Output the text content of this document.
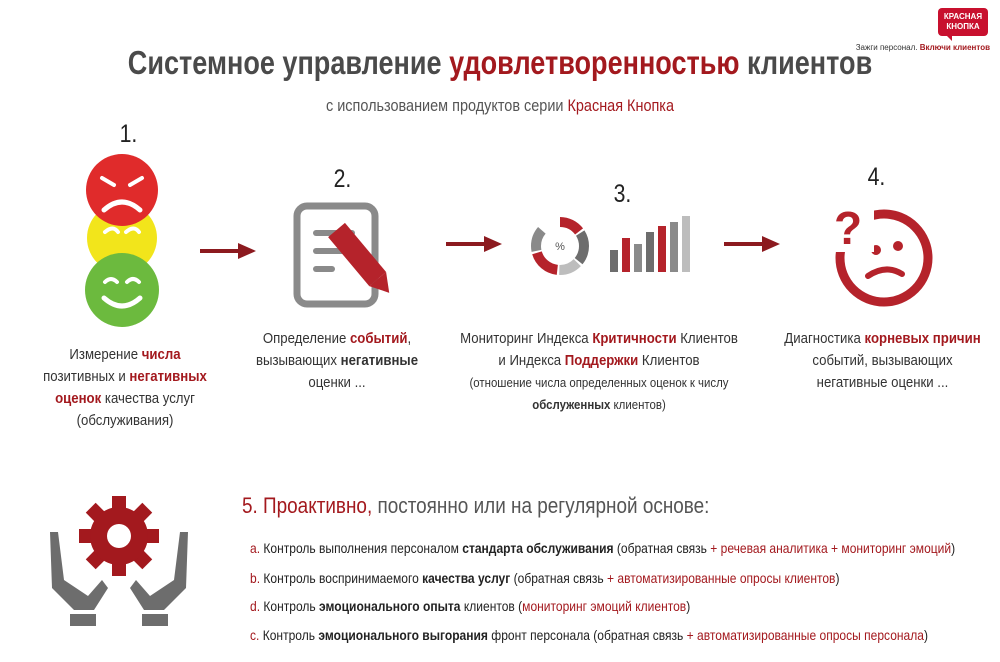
Системное управление удовлетворенностью клиентов
с использованием продуктов серии Красная Кнопка
КРАСНАЯ
КНОПКА
Зажги персонал. Включи клиентов
1.
Измерение числа
позитивных и негативных
оценок качества услуг
(обслуживания)
2.
Определение событий,
вызывающих негативные
оценки ...
3.
%
Мониторинг Индекса Критичности Клиентов
и Индекса Поддержки Клиентов
(отношение числа определенных оценок к числу
обслуженных клиентов)
4.
?
Диагностика корневых причин
событий, вызывающих
негативные оценки ...
5. Проактивно, постоянно или на регулярной основе:
a. Контроль выполнения персоналом стандарта обслуживания (обратная связь + речевая аналитика + мониторинг эмоций)
b. Контроль воспринимаемого качества услуг (обратная связь + автоматизированные опросы клиентов)
d. Контроль эмоционального опыта клиентов (мониторинг эмоций клиентов)
c. Контроль эмоционального выгорания фронт персонала (обратная связь + автоматизированные опросы персонала)
